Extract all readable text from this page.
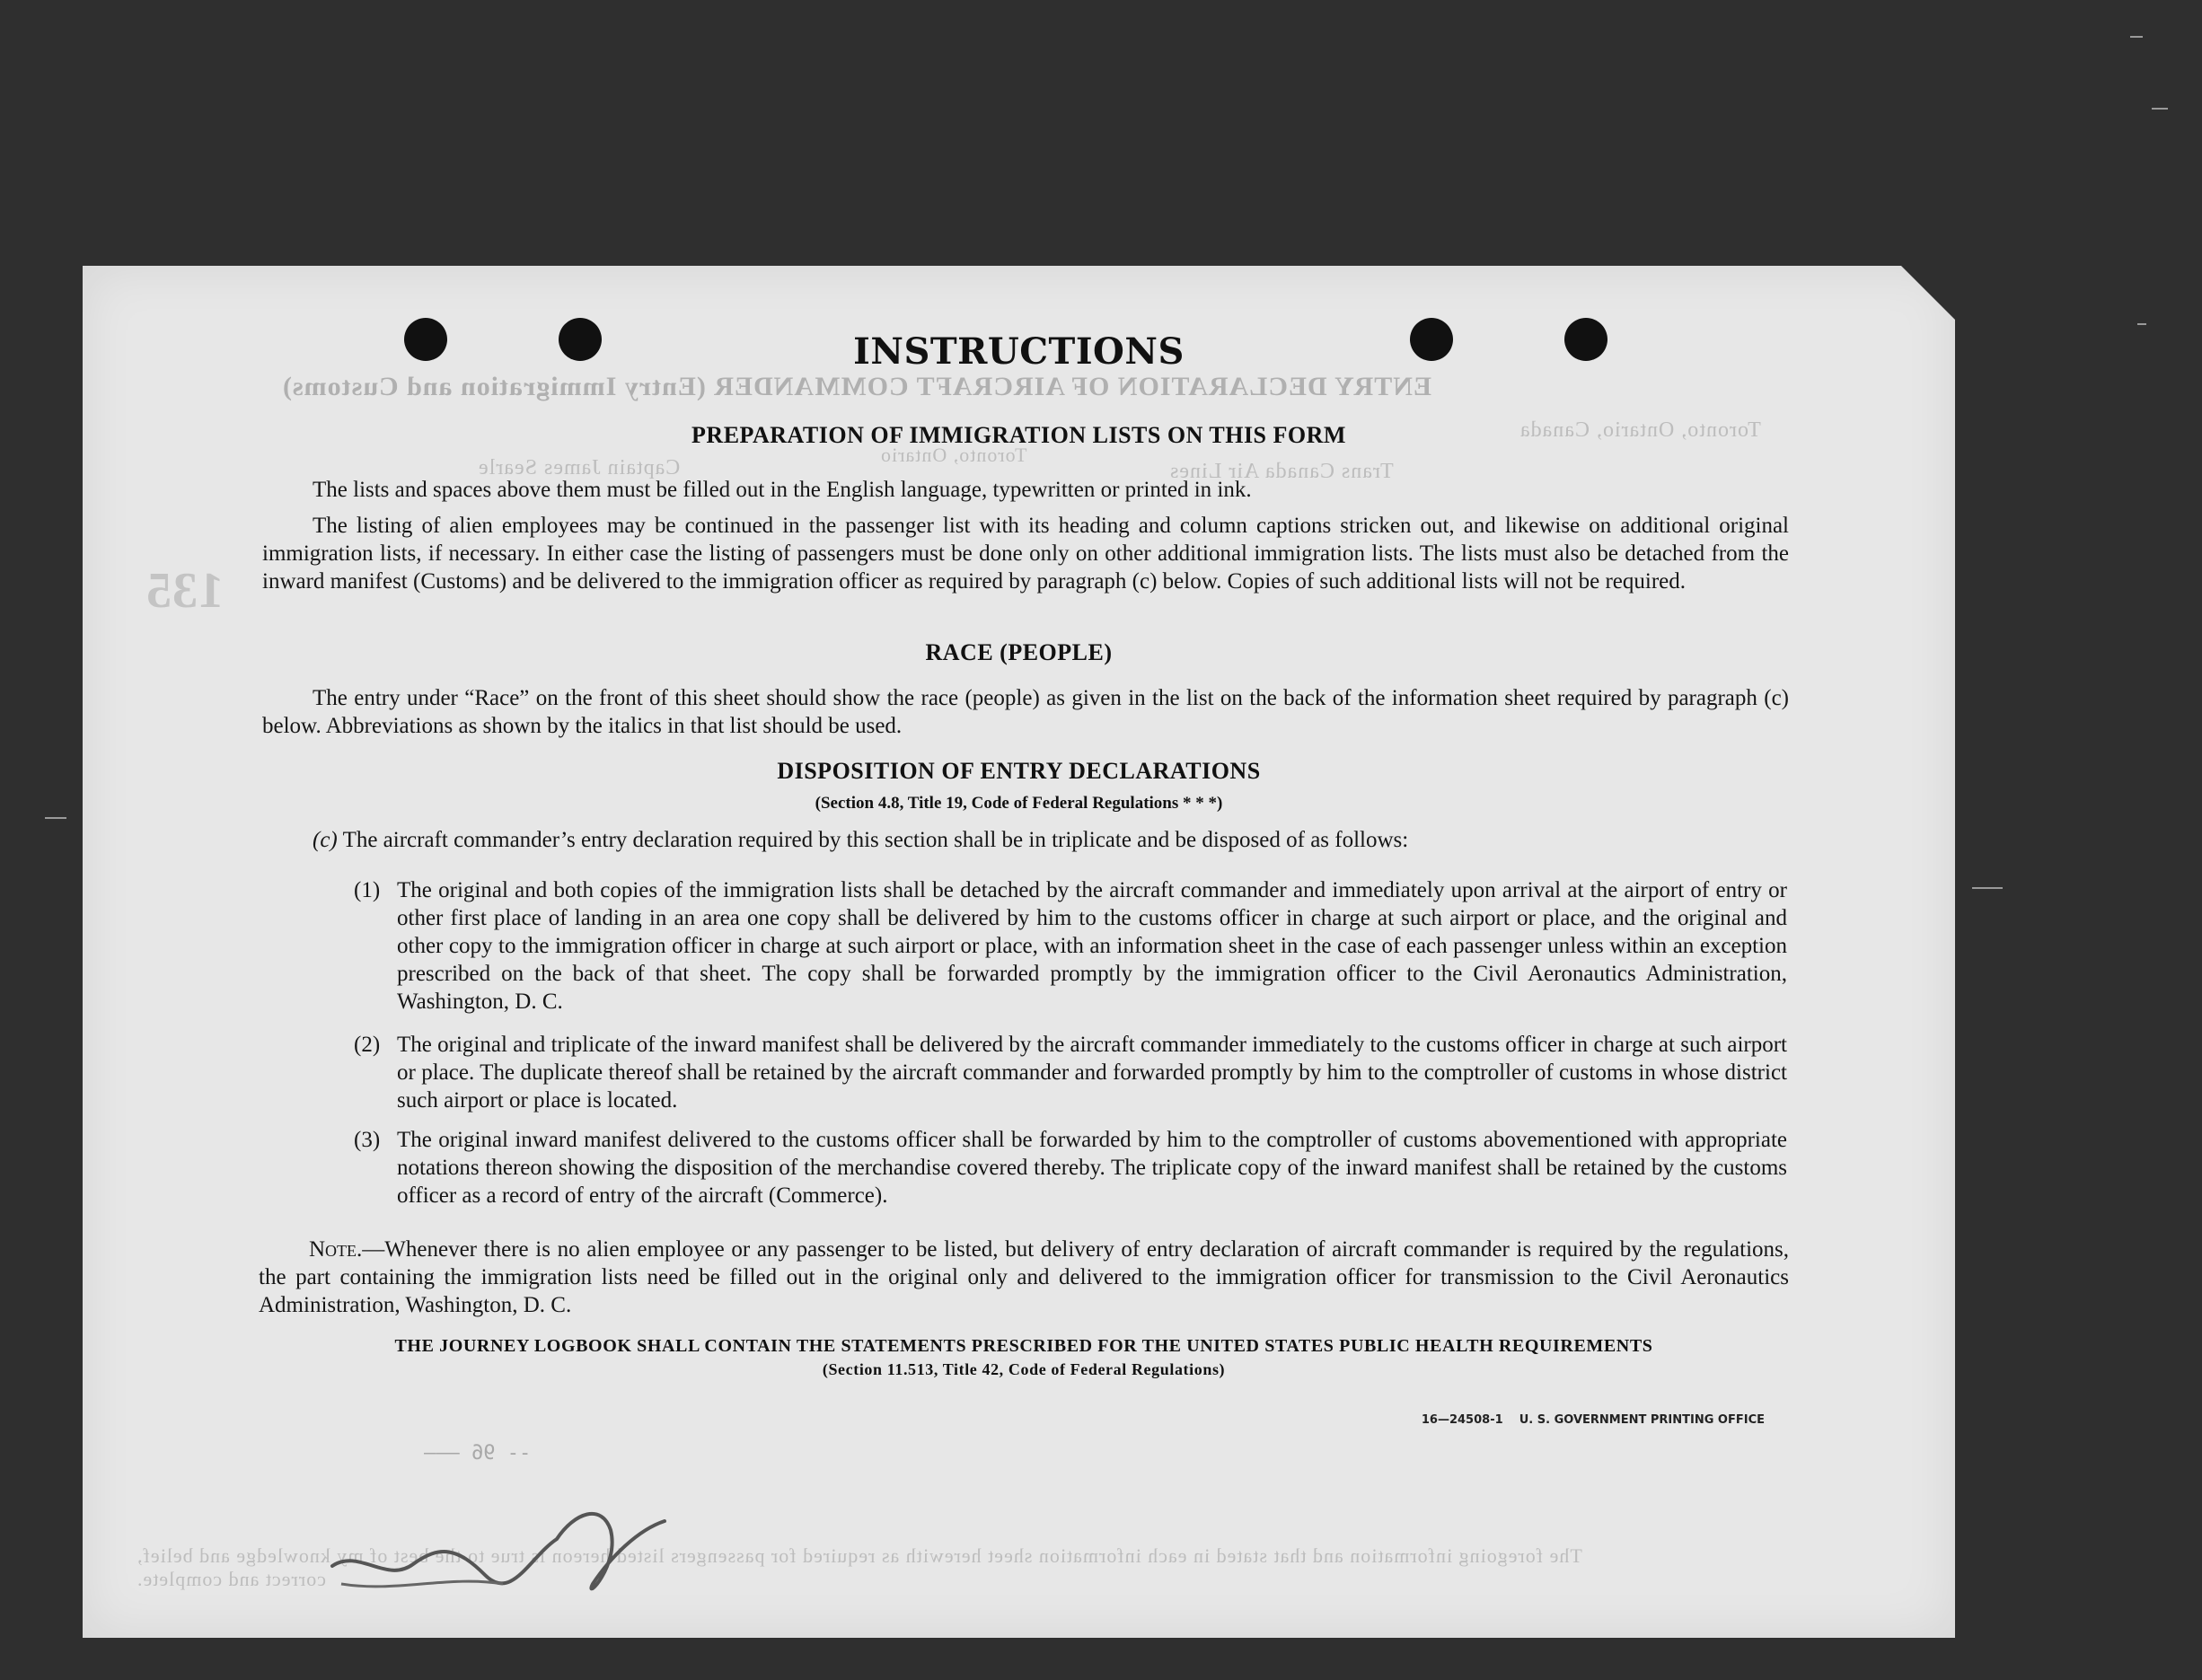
ENTRY DECLARATION OF AIRCRAFT COMMANDER (Entry Immigration and Customs)
Toronto, Ontario, Canada
Trans Canada Air Lines
Captain James Searle
Toronto, Ontario
135
The foregoing information and that stated in each information sheet herewith as required for passengers listed hereon is true to the best of my knowledge and belief, correct and complete.
INSTRUCTIONS
PREPARATION OF IMMIGRATION LISTS ON THIS FORM
The lists and spaces above them must be filled out in the English language, typewritten or printed in ink.
The listing of alien employees may be continued in the passenger list with its heading and column captions stricken out, and likewise on additional original immigration lists, if necessary. In either case the listing of passengers must be done only on other additional immigration lists. The lists must also be detached from the inward manifest (Customs) and be delivered to the immigration officer as required by paragraph (c) below. Copies of such additional lists will not be required.
RACE (PEOPLE)
The entry under “Race” on the front of this sheet should show the race (people) as given in the list on the back of the information sheet required by paragraph (c) below. Abbreviations as shown by the italics in that list should be used.
DISPOSITION OF ENTRY DECLARATIONS
(Section 4.8, Title 19, Code of Federal Regulations * * *)
(c) The aircraft commander’s entry declaration required by this section shall be in triplicate and be disposed of as follows:
(1) The original and both copies of the immigration lists shall be detached by the aircraft commander and immediately upon arrival at the airport of entry or other first place of landing in an area one copy shall be delivered by him to the customs officer in charge at such airport or place, and the original and other copy to the immigration officer in charge at such airport or place, with an information sheet in the case of each passenger unless within an exception prescribed on the back of that sheet. The copy shall be forwarded promptly by the immigration officer to the Civil Aeronautics Administration, Washington, D. C.
(2) The original and triplicate of the inward manifest shall be delivered by the aircraft commander immediately to the customs officer in charge at such airport or place. The duplicate thereof shall be retained by the aircraft commander and forwarded promptly by him to the comptroller of customs in whose district such airport or place is located.
(3) The original inward manifest delivered to the customs officer shall be forwarded by him to the comptroller of customs abovementioned with appropriate notations thereon showing the disposition of the merchandise covered thereby. The triplicate copy of the inward manifest shall be retained by the customs officer as a record of entry of the aircraft (Commerce).
Note.—Whenever there is no alien employee or any passenger to be listed, but delivery of entry declaration of aircraft commander is required by the regulations, the part containing the immigration lists need be filled out in the original only and delivered to the immigration officer for transmission to the Civil Aeronautics Administration, Washington, D. C.
THE JOURNEY LOGBOOK SHALL CONTAIN THE STATEMENTS PRESCRIBED FOR THE UNITED STATES PUBLIC HEALTH REQUIREMENTS
(Section 11.513, Title 42, Code of Federal Regulations)
16—24508-1 U. S. GOVERNMENT PRINTING OFFICE
-- 96 ———
